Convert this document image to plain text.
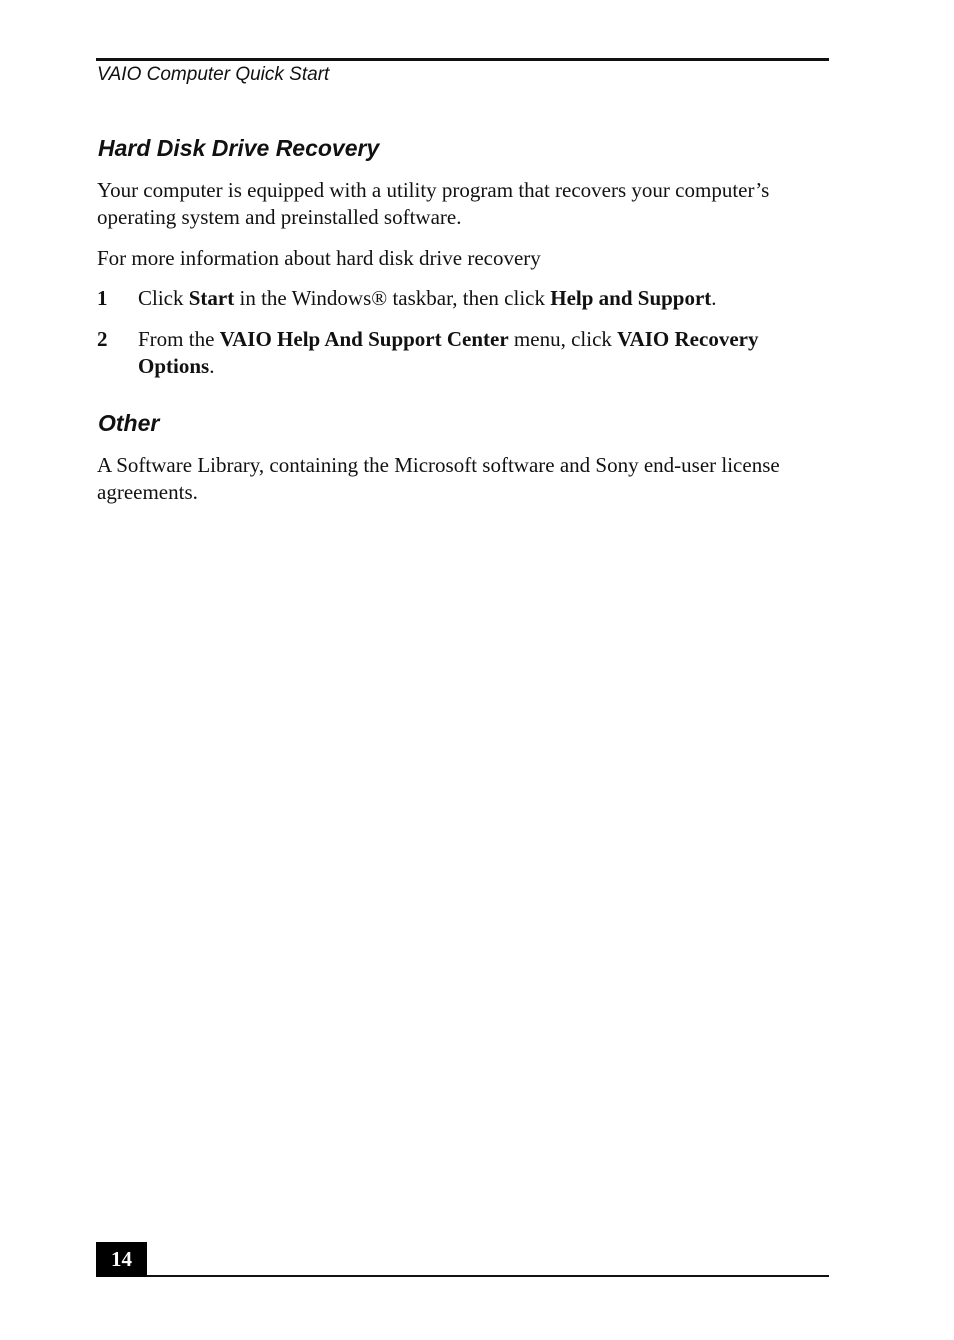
VAIO Computer Quick Start
Hard Disk Drive Recovery
Your computer is equipped with a utility program that recovers your computer’s operating system and preinstalled software.
For more information about hard disk drive recovery
1 Click Start in the Windows® taskbar, then click Help and Support.
2 From the VAIO Help And Support Center menu, click VAIO Recovery Options.
Other
A Software Library, containing the Microsoft software and Sony end-user license agreements.
14
